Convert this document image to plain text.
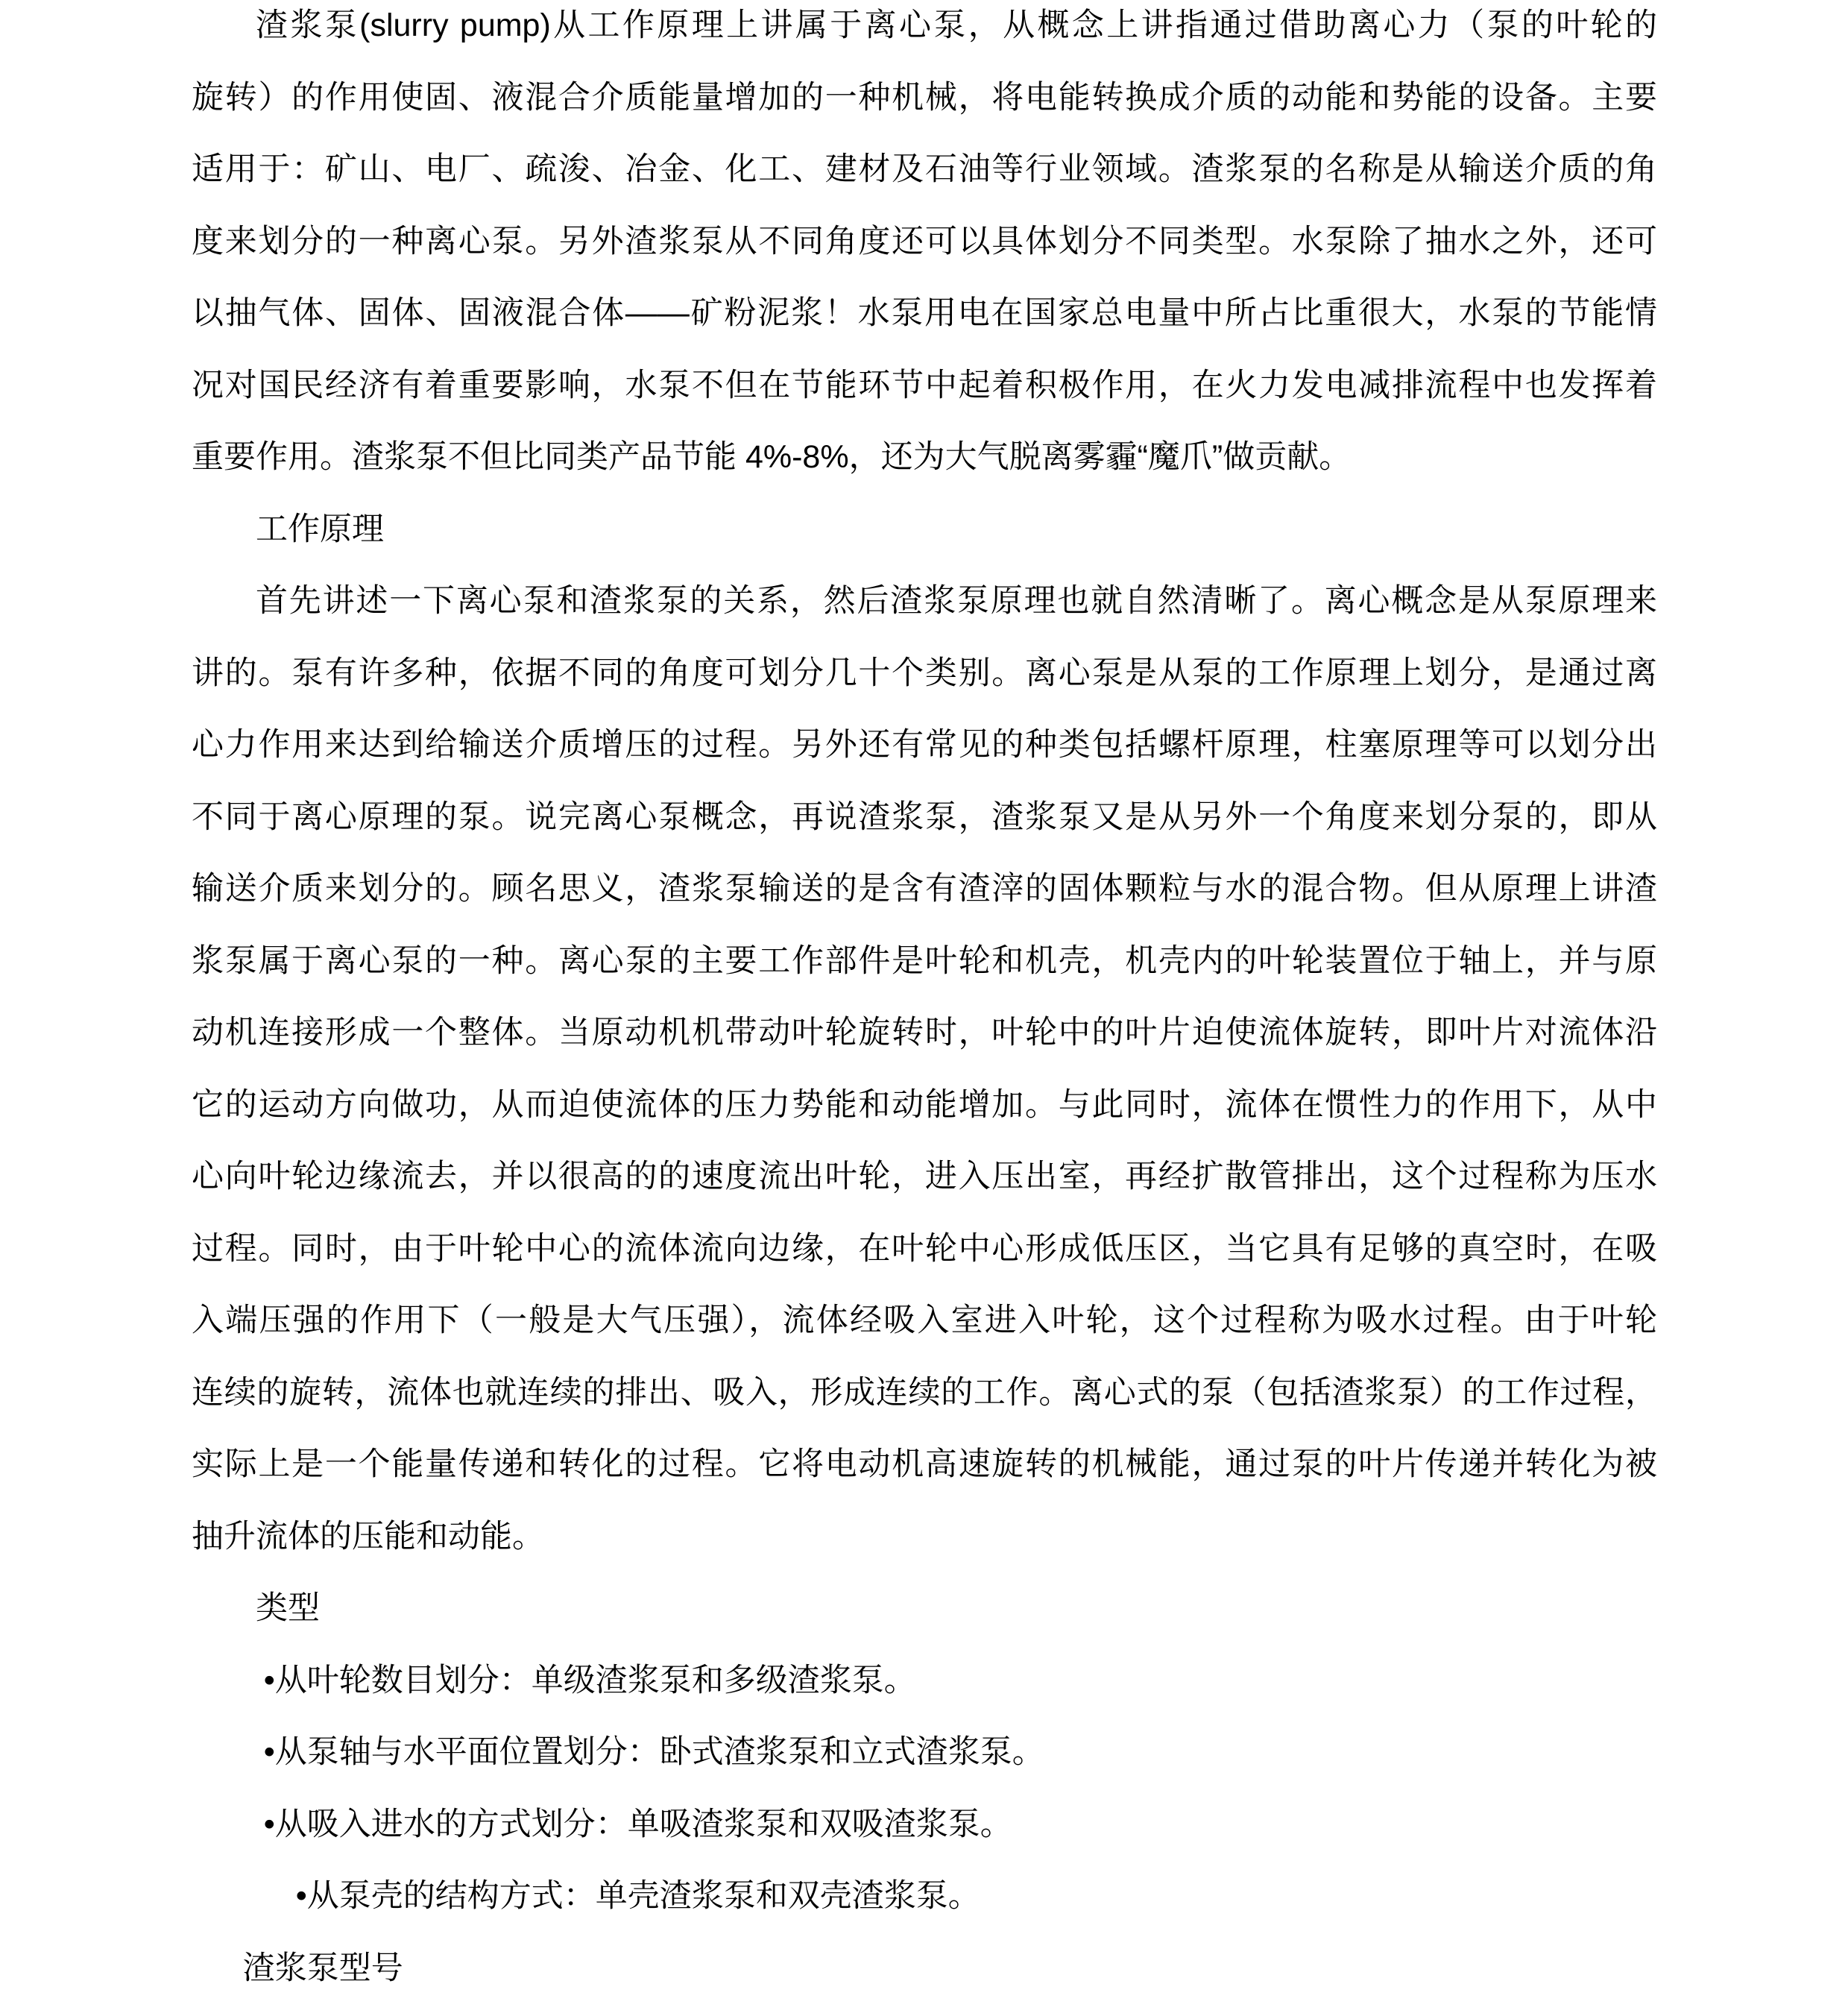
渣浆泵(slurry pump)从工作原理上讲属于离心泵，从概念上讲指通过借助离心力（泵的叶轮的
旋转）的作用使固、液混合介质能量增加的一种机械，将电能转换成介质的动能和势能的设备。主要
适用于：矿山、电厂、疏浚、冶金、化工、建材及石油等行业领域。渣浆泵的名称是从输送介质的角
度来划分的一种离心泵。另外渣浆泵从不同角度还可以具体划分不同类型。水泵除了抽水之外，还可
以抽气体、固体、固液混合体——矿粉泥浆！水泵用电在国家总电量中所占比重很大，水泵的节能情
况对国民经济有着重要影响，水泵不但在节能环节中起着积极作用，在火力发电减排流程中也发挥着
重要作用。渣浆泵不但比同类产品节能 4%-8%，还为大气脱离雾霾“魔爪”做贡献。
工作原理
首先讲述一下离心泵和渣浆泵的关系，然后渣浆泵原理也就自然清晰了。离心概念是从泵原理来
讲的。泵有许多种，依据不同的角度可划分几十个类别。离心泵是从泵的工作原理上划分，是通过离
心力作用来达到给输送介质增压的过程。另外还有常见的种类包括螺杆原理，柱塞原理等可以划分出
不同于离心原理的泵。说完离心泵概念，再说渣浆泵，渣浆泵又是从另外一个角度来划分泵的，即从
输送介质来划分的。顾名思义，渣浆泵输送的是含有渣滓的固体颗粒与水的混合物。但从原理上讲渣
浆泵属于离心泵的一种。离心泵的主要工作部件是叶轮和机壳，机壳内的叶轮装置位于轴上，并与原
动机连接形成一个整体。当原动机机带动叶轮旋转时，叶轮中的叶片迫使流体旋转，即叶片对流体沿
它的运动方向做功，从而迫使流体的压力势能和动能增加。与此同时，流体在惯性力的作用下，从中
心向叶轮边缘流去，并以很高的的速度流出叶轮，进入压出室，再经扩散管排出，这个过程称为压水
过程。同时，由于叶轮中心的流体流向边缘，在叶轮中心形成低压区，当它具有足够的真空时，在吸
入端压强的作用下（一般是大气压强），流体经吸入室进入叶轮，这个过程称为吸水过程。由于叶轮
连续的旋转，流体也就连续的排出、吸入，形成连续的工作。离心式的泵（包括渣浆泵）的工作过程，
实际上是一个能量传递和转化的过程。它将电动机高速旋转的机械能，通过泵的叶片传递并转化为被
抽升流体的压能和动能。
类型
•从叶轮数目划分：单级渣浆泵和多级渣浆泵。
•从泵轴与水平面位置划分：卧式渣浆泵和立式渣浆泵。
•从吸入进水的方式划分：单吸渣浆泵和双吸渣浆泵。
•从泵壳的结构方式：单壳渣浆泵和双壳渣浆泵。
渣浆泵型号
